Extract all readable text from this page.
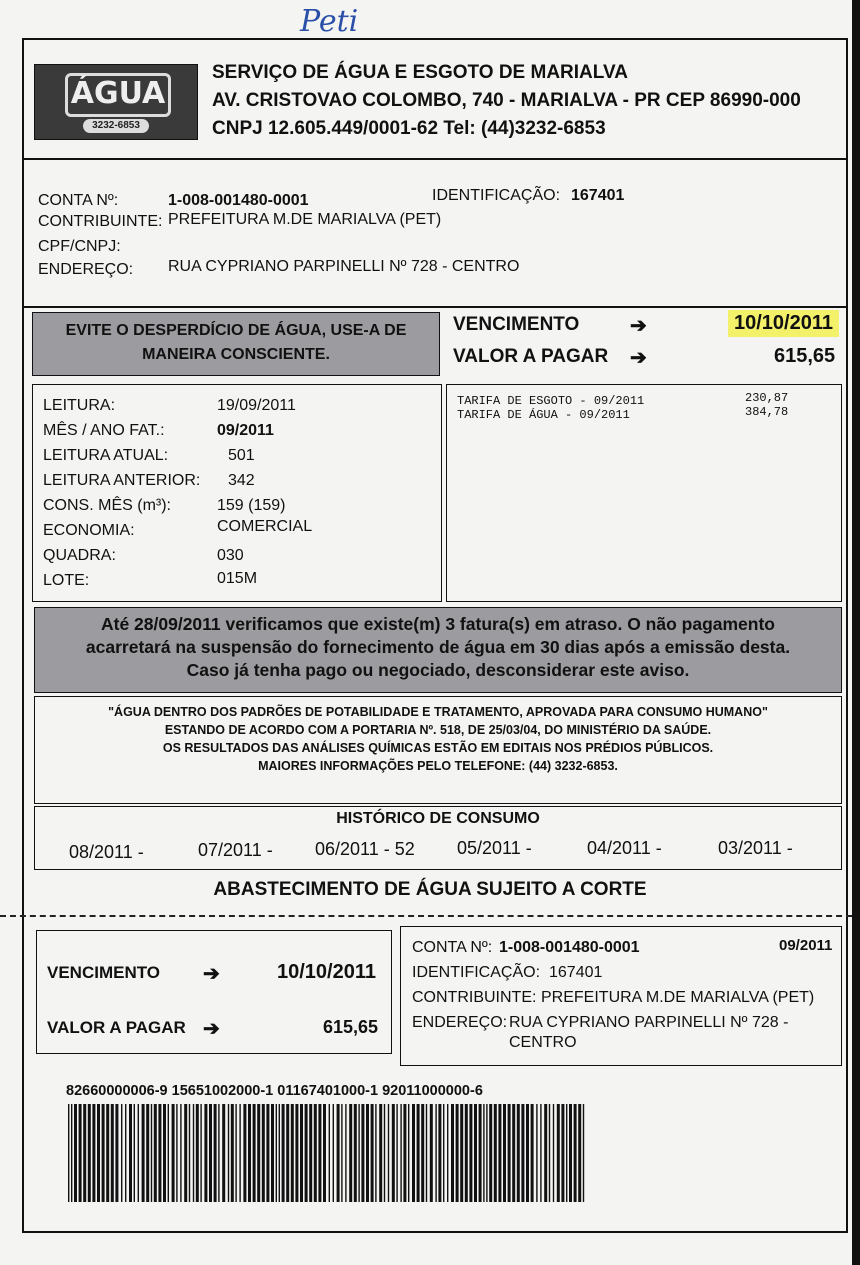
Peti
ÁGUA
3232-6853
SERVIÇO DE ÁGUA E ESGOTO DE MARIALVA
AV. CRISTOVAO COLOMBO, 740 - MARIALVA - PR CEP 86990-000
CNPJ 12.605.449/0001-62 Tel: (44)3232-6853
CONTA Nº:	1-008-001480-0001	IDENTIFICAÇÃO: 167401
CONTRIBUINTE: PREFEITURA M.DE MARIALVA (PET)
CPF/CNPJ:
ENDEREÇO: RUA CYPRIANO PARPINELLI Nº 728 - CENTRO
EVITE O DESPERDÍCIO DE ÁGUA, USE-A DE
MANEIRA CONSCIENTE.
VENCIMENTO	➔	10/10/2011
VALOR A PAGAR ➔	615,65
LEITURA:	19/09/2011
MÊS / ANO FAT.:	09/2011
LEITURA ATUAL:	501
LEITURA ANTERIOR: 342
CONS. MÊS (m³):	159 (159)
ECONOMIA:	COMERCIAL
QUADRA:	030
LOTE:	015M
TARIFA DE ESGOTO - 09/2011	230,87
TARIFA DE ÁGUA - 09/2011	384,78
Até 28/09/2011 verificamos que existe(m) 3 fatura(s) em atraso. O não pagamento
acarretará na suspensão do fornecimento de água em 30 dias após a emissão desta.
Caso já tenha pago ou negociado, desconsiderar este aviso.
"ÁGUA DENTRO DOS PADRÕES DE POTABILIDADE E TRATAMENTO, APROVADA PARA CONSUMO HUMANO"
ESTANDO DE ACORDO COM A PORTARIA Nº. 518, DE 25/03/04, DO MINISTÉRIO DA SAÚDE.
OS RESULTADOS DAS ANÁLISES QUÍMICAS ESTÃO EM EDITAIS NOS PRÉDIOS PÚBLICOS.
MAIORES INFORMAÇÕES PELO TELEFONE: (44) 3232-6853.
HISTÓRICO DE CONSUMO
08/2011 -	07/2011 - 06/2011 - 52 05/2011 -	04/2011 -	03/2011 -
ABASTECIMENTO DE ÁGUA SUJEITO A CORTE
VENCIMENTO ➔	10/10/2011
VALOR A PAGAR ➔	615,65
CONTA Nº: 1-008-001480-0001	09/2011
IDENTIFICAÇÃO: 167401
CONTRIBUINTE: PREFEITURA M.DE MARIALVA (PET)
ENDEREÇO: RUA CYPRIANO PARPINELLI Nº 728 -
CENTRO
82660000006-9 15651002000-1 01167401000-1 92011000000-6
